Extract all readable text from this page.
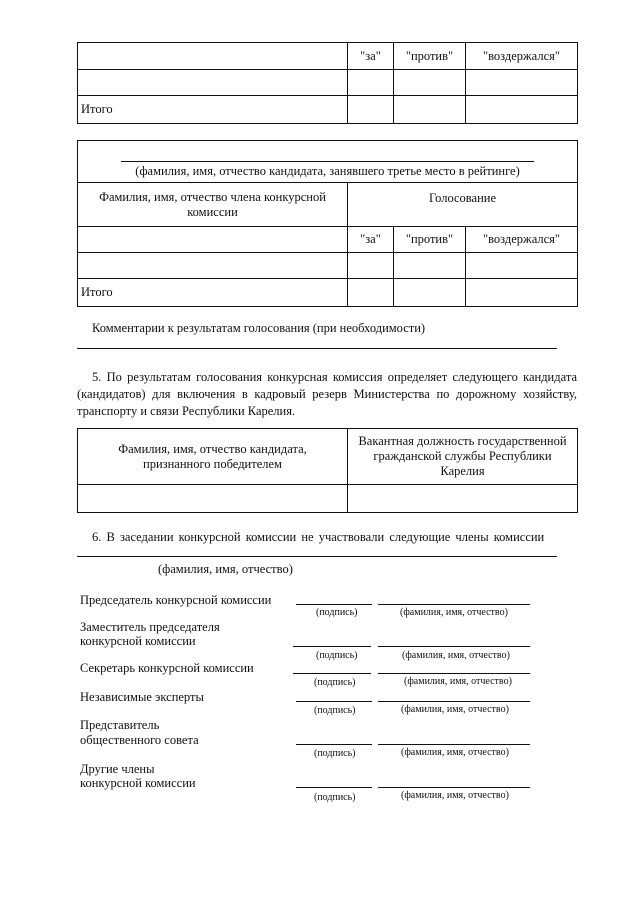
	"за"	"против"	"воздержался"

Итого			
(фамилия, имя, отчество кандидата, занявшего третье место в рейтинге)			
Фамилия, имя, отчество члена конкурсной комиссии	Голосование		
	"за"	"против"	"воздержался"

Итого			
Комментарии к результатам голосования (при необходимости)
5. По результатам голосования конкурсная комиссия определяет следующего кандидата (кандидатов) для включения в кадровый резерв Министерства по дорожному хозяйству, транспорту и связи Республики Карелия.
Фамилия, имя, отчество кандидата, признанного победителем	Вакантная должность государственной гражданской службы Республики Карелия

6. В заседании конкурсной комиссии не участвовали следующие члены комиссии
(фамилия, имя, отчество)
Председатель конкурсной комиссии
(подпись)	(фамилия, имя, отчество)
Заместитель председателя
конкурсной комиссии
(подпись)	(фамилия, имя, отчество)
Секретарь конкурсной комиссии
(подпись)	(фамилия, имя, отчество)
Независимые эксперты
(подпись)	(фамилия, имя, отчество)
Представитель
общественного совета
(подпись)	(фамилия, имя, отчество)
Другие члены
конкурсной комиссии
(подпись)	(фамилия, имя, отчество)
